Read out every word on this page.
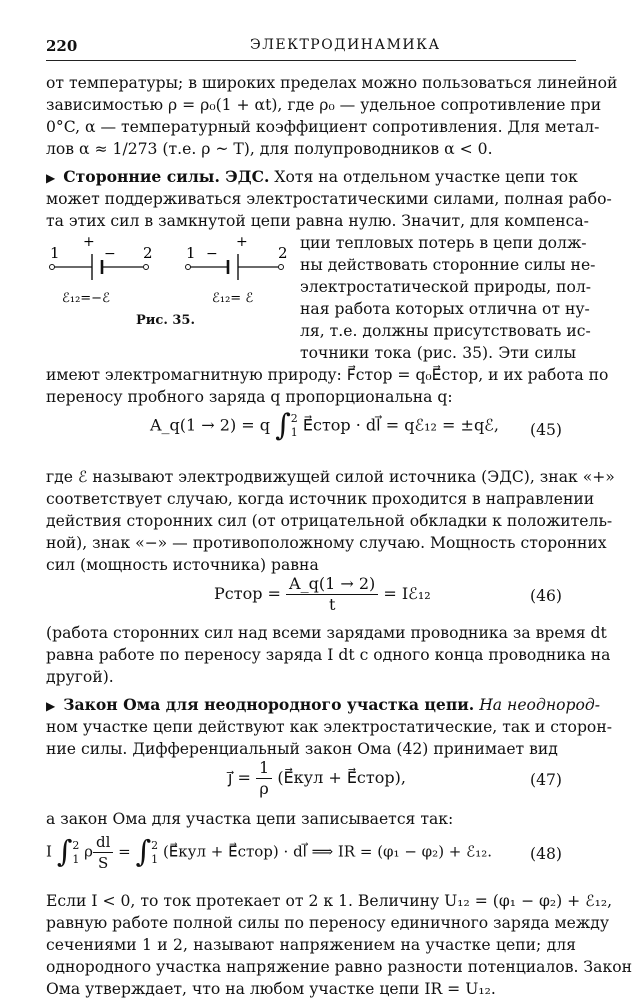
220	ЭЛЕКТРОДИНАМИКА
от температуры; в широких пределах можно пользоваться линейной
зависимостью ρ = ρ₀(1 + αt), где ρ₀ — удельное сопротивление при
0°C, α — температурный коэффициент сопротивления. Для метал-
лов α ≈ 1/273 (т.е. ρ ~ T), для полупроводников α < 0.
▶ Сторонние силы. ЭДС. Хотя на отдельном участке цепи ток
может поддерживаться электростатическими силами, полная рабо-
та этих сил в замкнутой цепи равна нулю. Значит, для компенса-
ции тепловых потерь в цепи долж-
ны действовать сторонние силы не-
электростатической природы, пол-
ная работа которых отлична от ну-
ля, т.е. должны присутствовать ис-
точники тока (рис. 35). Эти силы
имеют электромагнитную природу: F⃗стор = q₀E⃗стор, и их работа по
переносу пробного заряда q пропорциональна q:
1	2
+
−
ℰ₁₂=−ℰ
1	2
−
+
ℰ₁₂= ℰ
Рис. 35.
A_q(1 → 2) = q ∫ 2
1 E⃗стор · dl⃗ = qℰ₁₂ = ±qℰ, (45)
где ℰ называют электродвижущей силой источника (ЭДС), знак «+»
соответствует случаю, когда источник проходится в направлении
действия сторонних сил (от отрицательной обкладки к положитель-
ной), знак «−» — противоположному случаю. Мощность сторонних
сил (мощность источника) равна
Pстор = $\frac{A\_q(1 \to 2)}{t}$ = Iℰ₁₂	(46)
(работа сторонних сил над всеми зарядами проводника за время dt
равна работе по переносу заряда I dt с одного конца проводника на
другой).
▶ Закон Ома для неоднородного участка цепи. На неоднород-
ном участке цепи действуют как электростатические, так и сторон-
ние силы. Дифференциальный закон Ома (42) принимает вид
j⃗ = $\frac{1}{\rho}$ (E⃗кул + E⃗стор),	(47)
а закон Ома для участка цепи записывается так:
I ∫ 2
1 ρ $\frac{dl}{S}$ = ∫ 2
1 (E⃗кул + E⃗стор) · dl⃗ ⟹ IR = (φ₁ − φ₂) + ℰ₁₂. (48)
Если I < 0, то ток протекает от 2 к 1. Величину U₁₂ = (φ₁ − φ₂) + ℰ₁₂,
равную работе полной силы по переносу единичного заряда между
сечениями 1 и 2, называют напряжением на участке цепи; для
однородного участка напряжение равно разности потенциалов. Закон
Ома утверждает, что на любом участке цепи IR = U₁₂.
